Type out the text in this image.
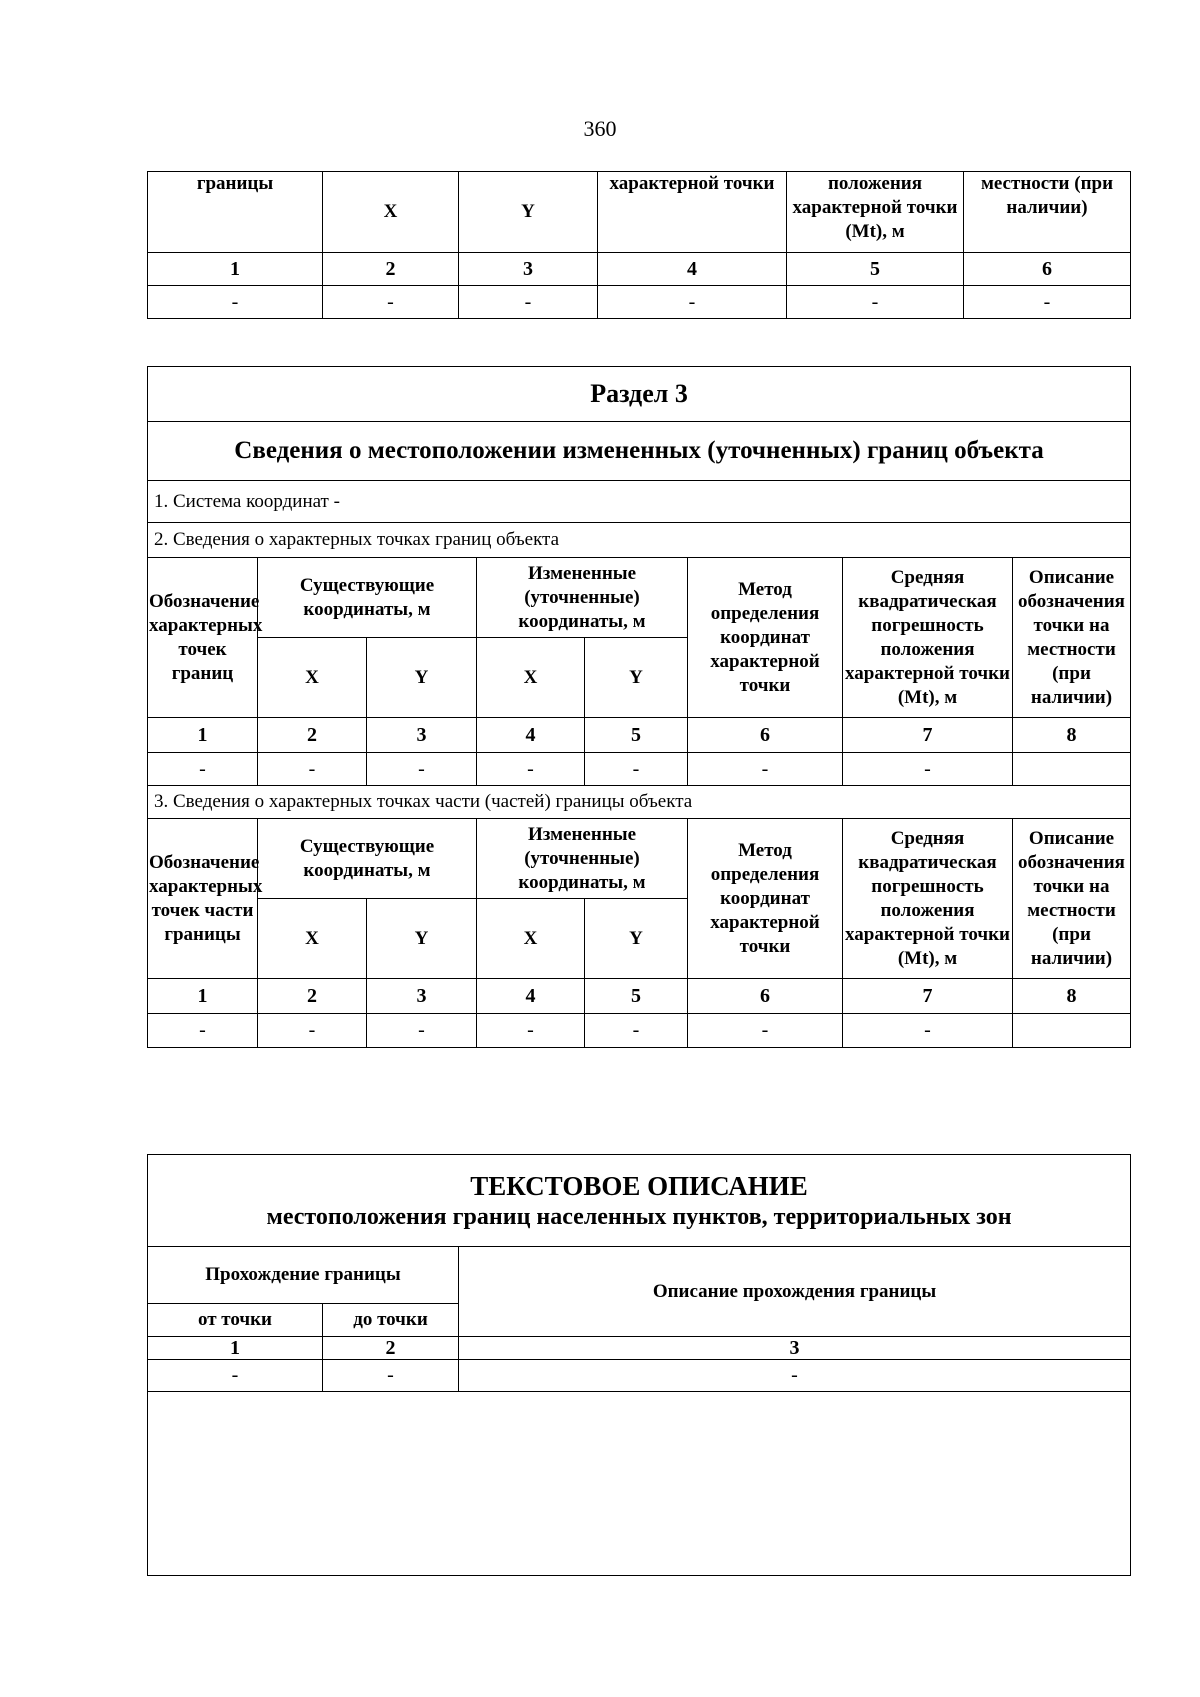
360
границы	X	Y	характерной точки	положения характерной точки (Mt), м	местности (при наличии)
1	2	3	4	5	6
-	-	-	-	-	-
Раздел 3							
Сведения о местоположении измененных (уточненных) границ объекта							
1. Система координат -							
2. Сведения о характерных точках границ объекта							
Обозначение характерных точек границ	Существующие координаты, м		Измененные (уточненные) координаты, м		Метод определения координат характерной точки	Средняя квадратическая погрешность положения характерной точки (Mt), м	Описание обозначения точки на местности (при наличии)
	X	Y	X	Y			
1	2	3	4	5	6	7	8
-	-	-	-	-	-	-	
3. Сведения о характерных точках части (частей) границы объекта							
Обозначение характерных точек части границы	Существующие координаты, м		Измененные (уточненные) координаты, м		Метод определения координат характерной точки	Средняя квадратическая погрешность положения характерной точки (Mt), м	Описание обозначения точки на местности (при наличии)
	X	Y	X	Y			
1	2	3	4	5	6	7	8
-	-	-	-	-	-	-	
ТЕКСТОВОЕ ОПИСАНИЕ
местоположения границ населенных пунктов, территориальных зон		

Прохождение границы		Описание прохождения границы
от точки	до точки	
1	2	3
-	-	-
